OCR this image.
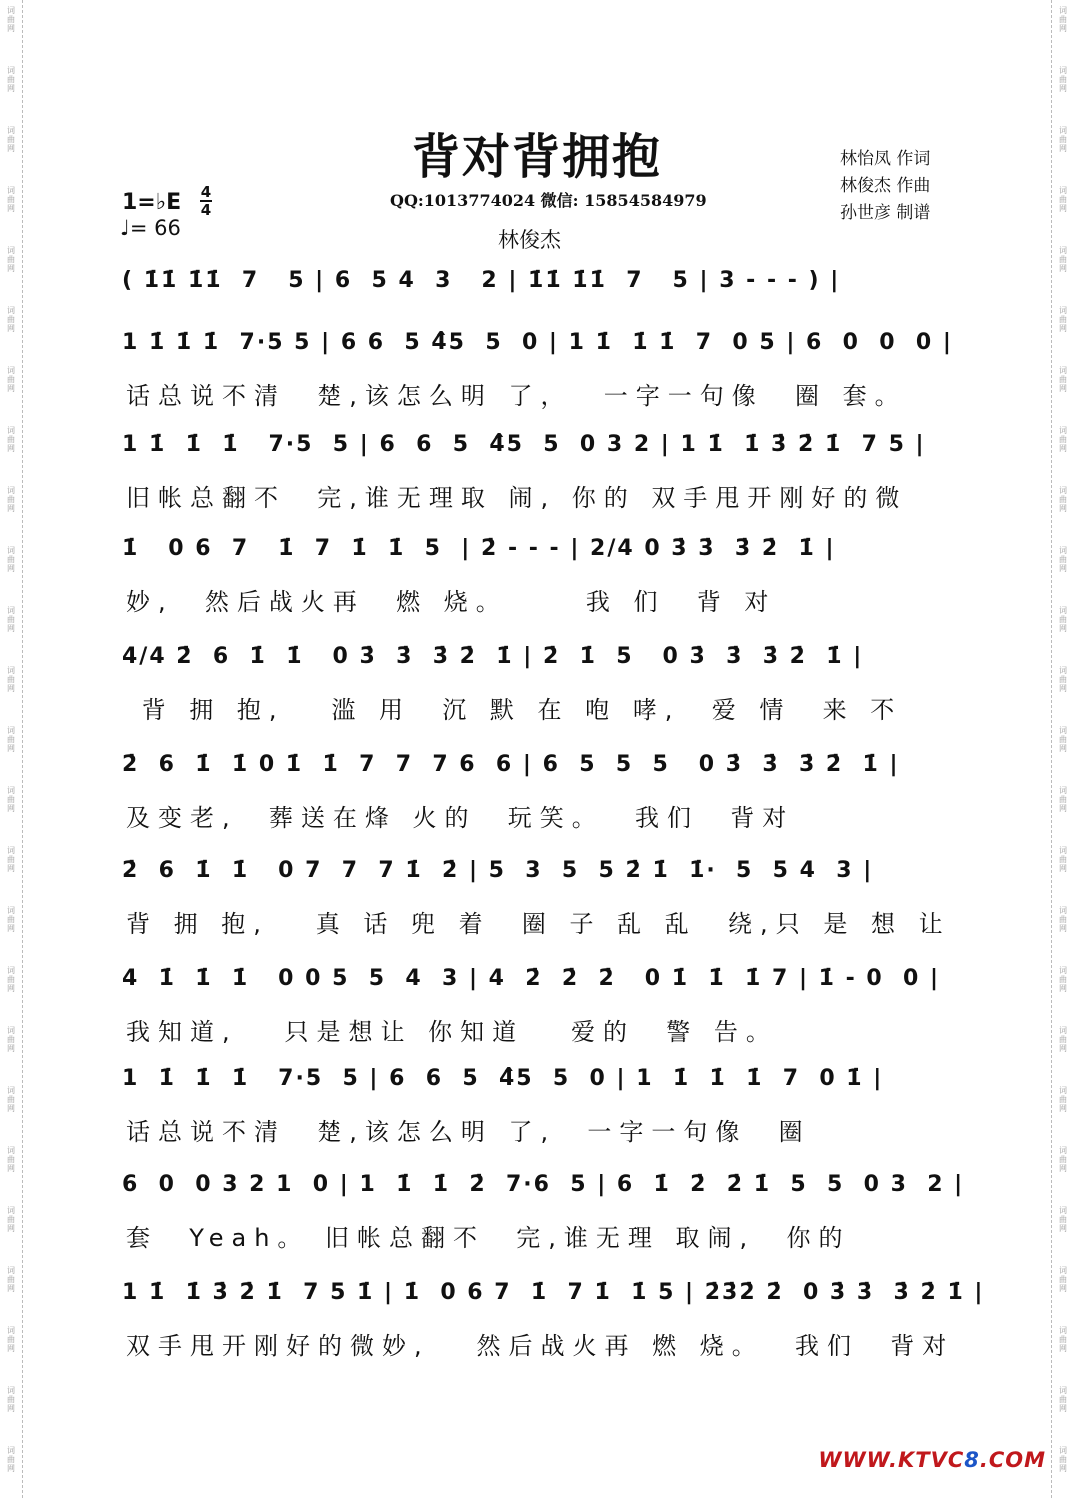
词
曲
网
词
曲
网
词
曲
网
词
曲
网
词
曲
网
词
曲
网
词
曲
网
词
曲
网
词
曲
网
词
曲
网
词
曲
网
词
曲
网
词
曲
网
词
曲
网
词
曲
网
词
曲
网
词
曲
网
词
曲
网
词
曲
网
词
曲
网
词
曲
网
词
曲
网
词
曲
网
词
曲
网
词
曲
网
词
曲
网
词
曲
网
词
曲
网
词
曲
网
词
曲
网
词
曲
网
词
曲
网
词
曲
网
词
曲
网
词
曲
网
词
曲
网
词
曲
网
词
曲
网
词
曲
网
词
曲
网
词
曲
网
词
曲
网
词
曲
网
词
曲
网
词
曲
网
词
曲
网
词
曲
网
词
曲
网
词
曲
网
词
曲
网
背对背拥抱
QQ:1013774024 微信: 15854584979
林俊杰
林怡凤 作词
林俊杰 作曲
孙世彦 制谱
1=♭E 4
4
♩= 66
( 1̇1̇ 1̇1̇  7   5 | 6  5 4  3   2 | 1̇1̇ 1̇1̇  7   5 | 3 - - - ) |
1 1̇ 1̇ 1̇  7·5 5 | 6 6  5 4̂5  5  0 | 1 1̇  1̇ 1̇  7  0 5 | 6  0  0  0 |
话总说不清  楚,该怎么明 了，  一字一句像  圈 套。
1 1̇  1̇  1̇   7·5  5 | 6  6  5  4̂5  5  0 3 2 | 1 1̇  1̇ 3̇ 2̇ 1̇  7 5 |
旧帐总翻不  完,谁无理取 闹, 你的 双手甩开刚好的微
1̇   0 6  7   1̇  7  1̇  1̇  5  | 2̇ - - - | 2/4 0 3̇ 3̇  3̇ 2̇  1̇ |
妙,  然后战火再  燃 烧。     我 们  背 对
4/4 2̇  6  1̇  1̇   0 3̇  3̇  3̇ 2̇  1̇ | 2̇  1̇  5   0 3̇  3̇  3̇ 2̇  1̇ |
背 拥 抱,   滥 用  沉 默 在 咆 哮,  爱 情  来 不
2̇  6  1̇  1̇ 0 1̇  1̇  7  7  7 6  6 | 6  5  5  5   0 3̇  3̇  3̇ 2̇  1̇ |
及变老,  葬送在烽 火的  玩笑。  我们  背对
2̇  6  1̇  1̇   0 7  7  7 1̇  2̇ | 5  3  5  5 2̇ 1̇  1̇·  5  5 4  3 |
背 拥 抱,   真 话 兜 着  圈 子 乱 乱  绕,只 是 想 让
4  1̇  1̇  1̇   0 0 5  5  4  3 | 4  2̇  2̇  2̇   0 1̇  1̇  1̇ 7 | 1̇ - 0  0 |
我知道,   只是想让 你知道   爱的  警 告。
1  1̇  1̇  1̇   7·5  5 | 6  6  5  4̂5  5  0 | 1  1̇  1̇  1̇  7  0 1̇ |
话总说不清  楚,该怎么明 了,  一字一句像  圈
6  0  0 3 2 1  0 | 1  1̇  1̇  2̇  7·6  5 | 6  1̇  2̇  2̇ 1̇  5  5  0 3  2 |
套  Yeah。 旧帐总翻不  完,谁无理 取闹,  你的
1 1̇  1̇ 3̇ 2̇ 1̇  7 5 1̇ | 1̇  0 6 7  1̇  7 1̇  1̇ 5 | 2̇3̇2̇ 2̇  0 3̇ 3̇  3̇ 2̇ 1̇ |
双手甩开刚好的微妙,   然后战火再 燃 烧。  我们  背对
WWW.KTVC8.COM
